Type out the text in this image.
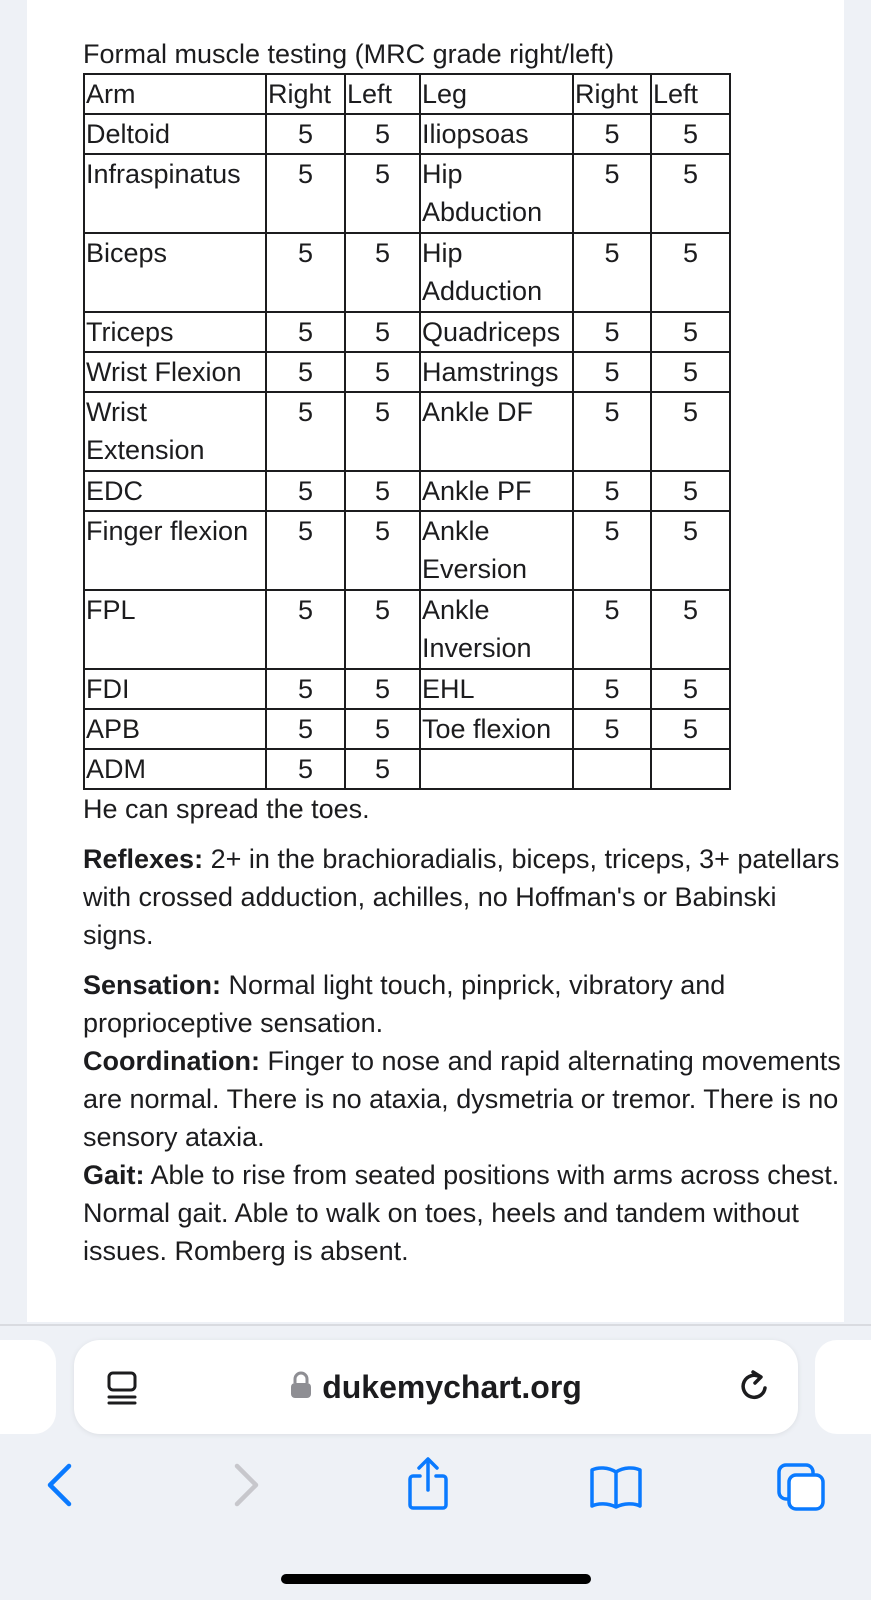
Formal muscle testing (MRC grade right/left)
Arm	Right	Left	Leg	Right	Left
Deltoid	5	5	Iliopsoas	5	5
Infraspinatus	5	5	Hip Abduction	5	5
Biceps	5	5	Hip Adduction	5	5
Triceps	5	5	Quadriceps	5	5
Wrist Flexion	5	5	Hamstrings	5	5
Wrist Extension	5	5	Ankle DF	5	5
EDC	5	5	Ankle PF	5	5
Finger flexion	5	5	Ankle Eversion	5	5
FPL	5	5	Ankle Inversion	5	5
FDI	5	5	EHL	5	5
APB	5	5	Toe flexion	5	5
ADM	5	5			
He can spread the toes.
Reflexes: 2+ in the brachioradialis, biceps, triceps, 3+ patellars with crossed adduction, achilles, no Hoffman's or Babinski signs.
Sensation: Normal light touch, pinprick, vibratory and proprioceptive sensation.
Coordination: Finger to nose and rapid alternating movements are normal. There is no ataxia, dysmetria or tremor. There is no sensory ataxia.
Gait: Able to rise from seated positions with arms across chest. Normal gait. Able to walk on toes, heels and tandem without issues. Romberg is absent.
dukemychart.org
